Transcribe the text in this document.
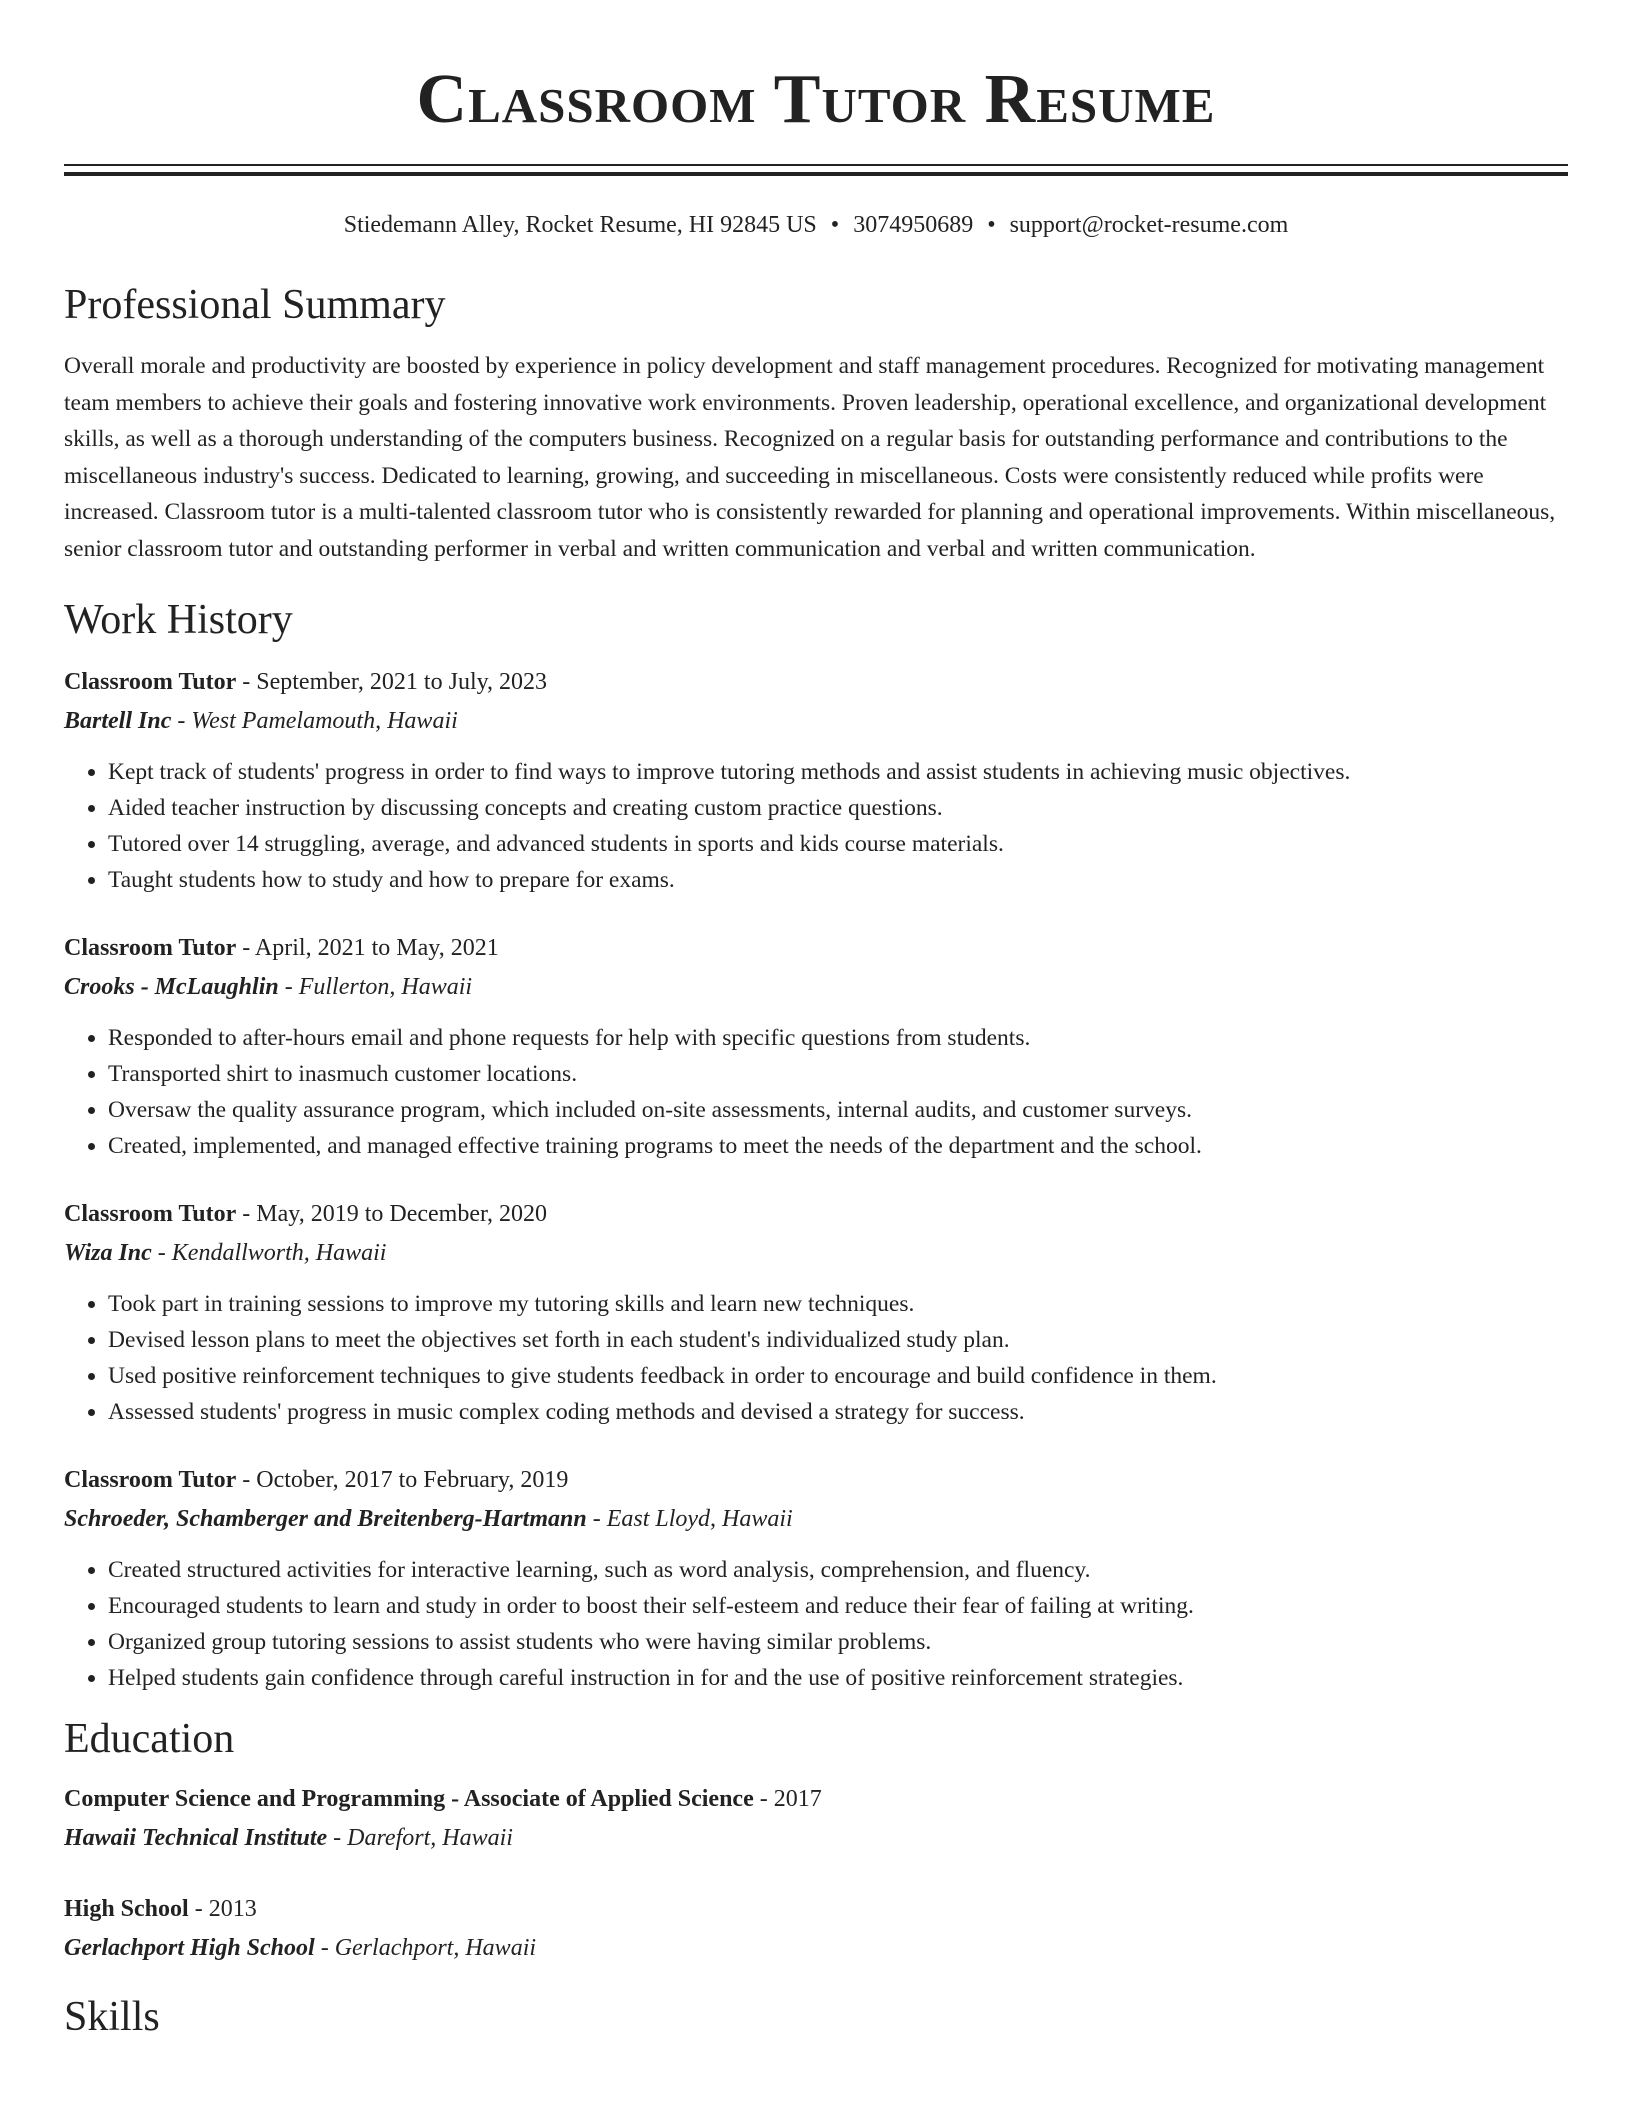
Classroom Tutor Resume
Stiedemann Alley, Rocket Resume, HI 92845 US • 3074950689 • support@rocket-resume.com
Professional Summary

Overall morale and productivity are boosted by experience in policy development and staff management procedures. Recognized for motivating management team members to achieve their goals and fostering innovative work environments. Proven leadership, operational excellence, and organizational development skills, as well as a thorough understanding of the computers business. Recognized on a regular basis for outstanding performance and contributions to the miscellaneous industry's success. Dedicated to learning, growing, and succeeding in miscellaneous. Costs were consistently reduced while profits were increased. Classroom tutor is a multi-talented classroom tutor who is consistently rewarded for planning and operational improvements. Within miscellaneous, senior classroom tutor and outstanding performer in verbal and written communication and verbal and written communication.

Work History
Classroom Tutor - September, 2021 to July, 2023
Bartell Inc - West Pamelamouth, Hawaii
• Kept track of students' progress in order to find ways to improve tutoring methods and assist students in achieving music objectives.
• Aided teacher instruction by discussing concepts and creating custom practice questions.
• Tutored over 14 struggling, average, and advanced students in sports and kids course materials.
• Taught students how to study and how to prepare for exams.
Classroom Tutor - April, 2021 to May, 2021
Crooks - McLaughlin - Fullerton, Hawaii
• Responded to after-hours email and phone requests for help with specific questions from students.
• Transported shirt to inasmuch customer locations.
• Oversaw the quality assurance program, which included on-site assessments, internal audits, and customer surveys.
• Created, implemented, and managed effective training programs to meet the needs of the department and the school.
Classroom Tutor - May, 2019 to December, 2020
Wiza Inc - Kendallworth, Hawaii
• Took part in training sessions to improve my tutoring skills and learn new techniques.
• Devised lesson plans to meet the objectives set forth in each student's individualized study plan.
• Used positive reinforcement techniques to give students feedback in order to encourage and build confidence in them.
• Assessed students' progress in music complex coding methods and devised a strategy for success.
Classroom Tutor - October, 2017 to February, 2019
Schroeder, Schamberger and Breitenberg-Hartmann - East Lloyd, Hawaii
• Created structured activities for interactive learning, such as word analysis, comprehension, and fluency.
• Encouraged students to learn and study in order to boost their self-esteem and reduce their fear of failing at writing.
• Organized group tutoring sessions to assist students who were having similar problems.
• Helped students gain confidence through careful instruction in for and the use of positive reinforcement strategies.
Education
Computer Science and Programming - Associate of Applied Science - 2017
Hawaii Technical Institute - Darefort, Hawaii
High School - 2013
Gerlachport High School - Gerlachport, Hawaii
Skills
